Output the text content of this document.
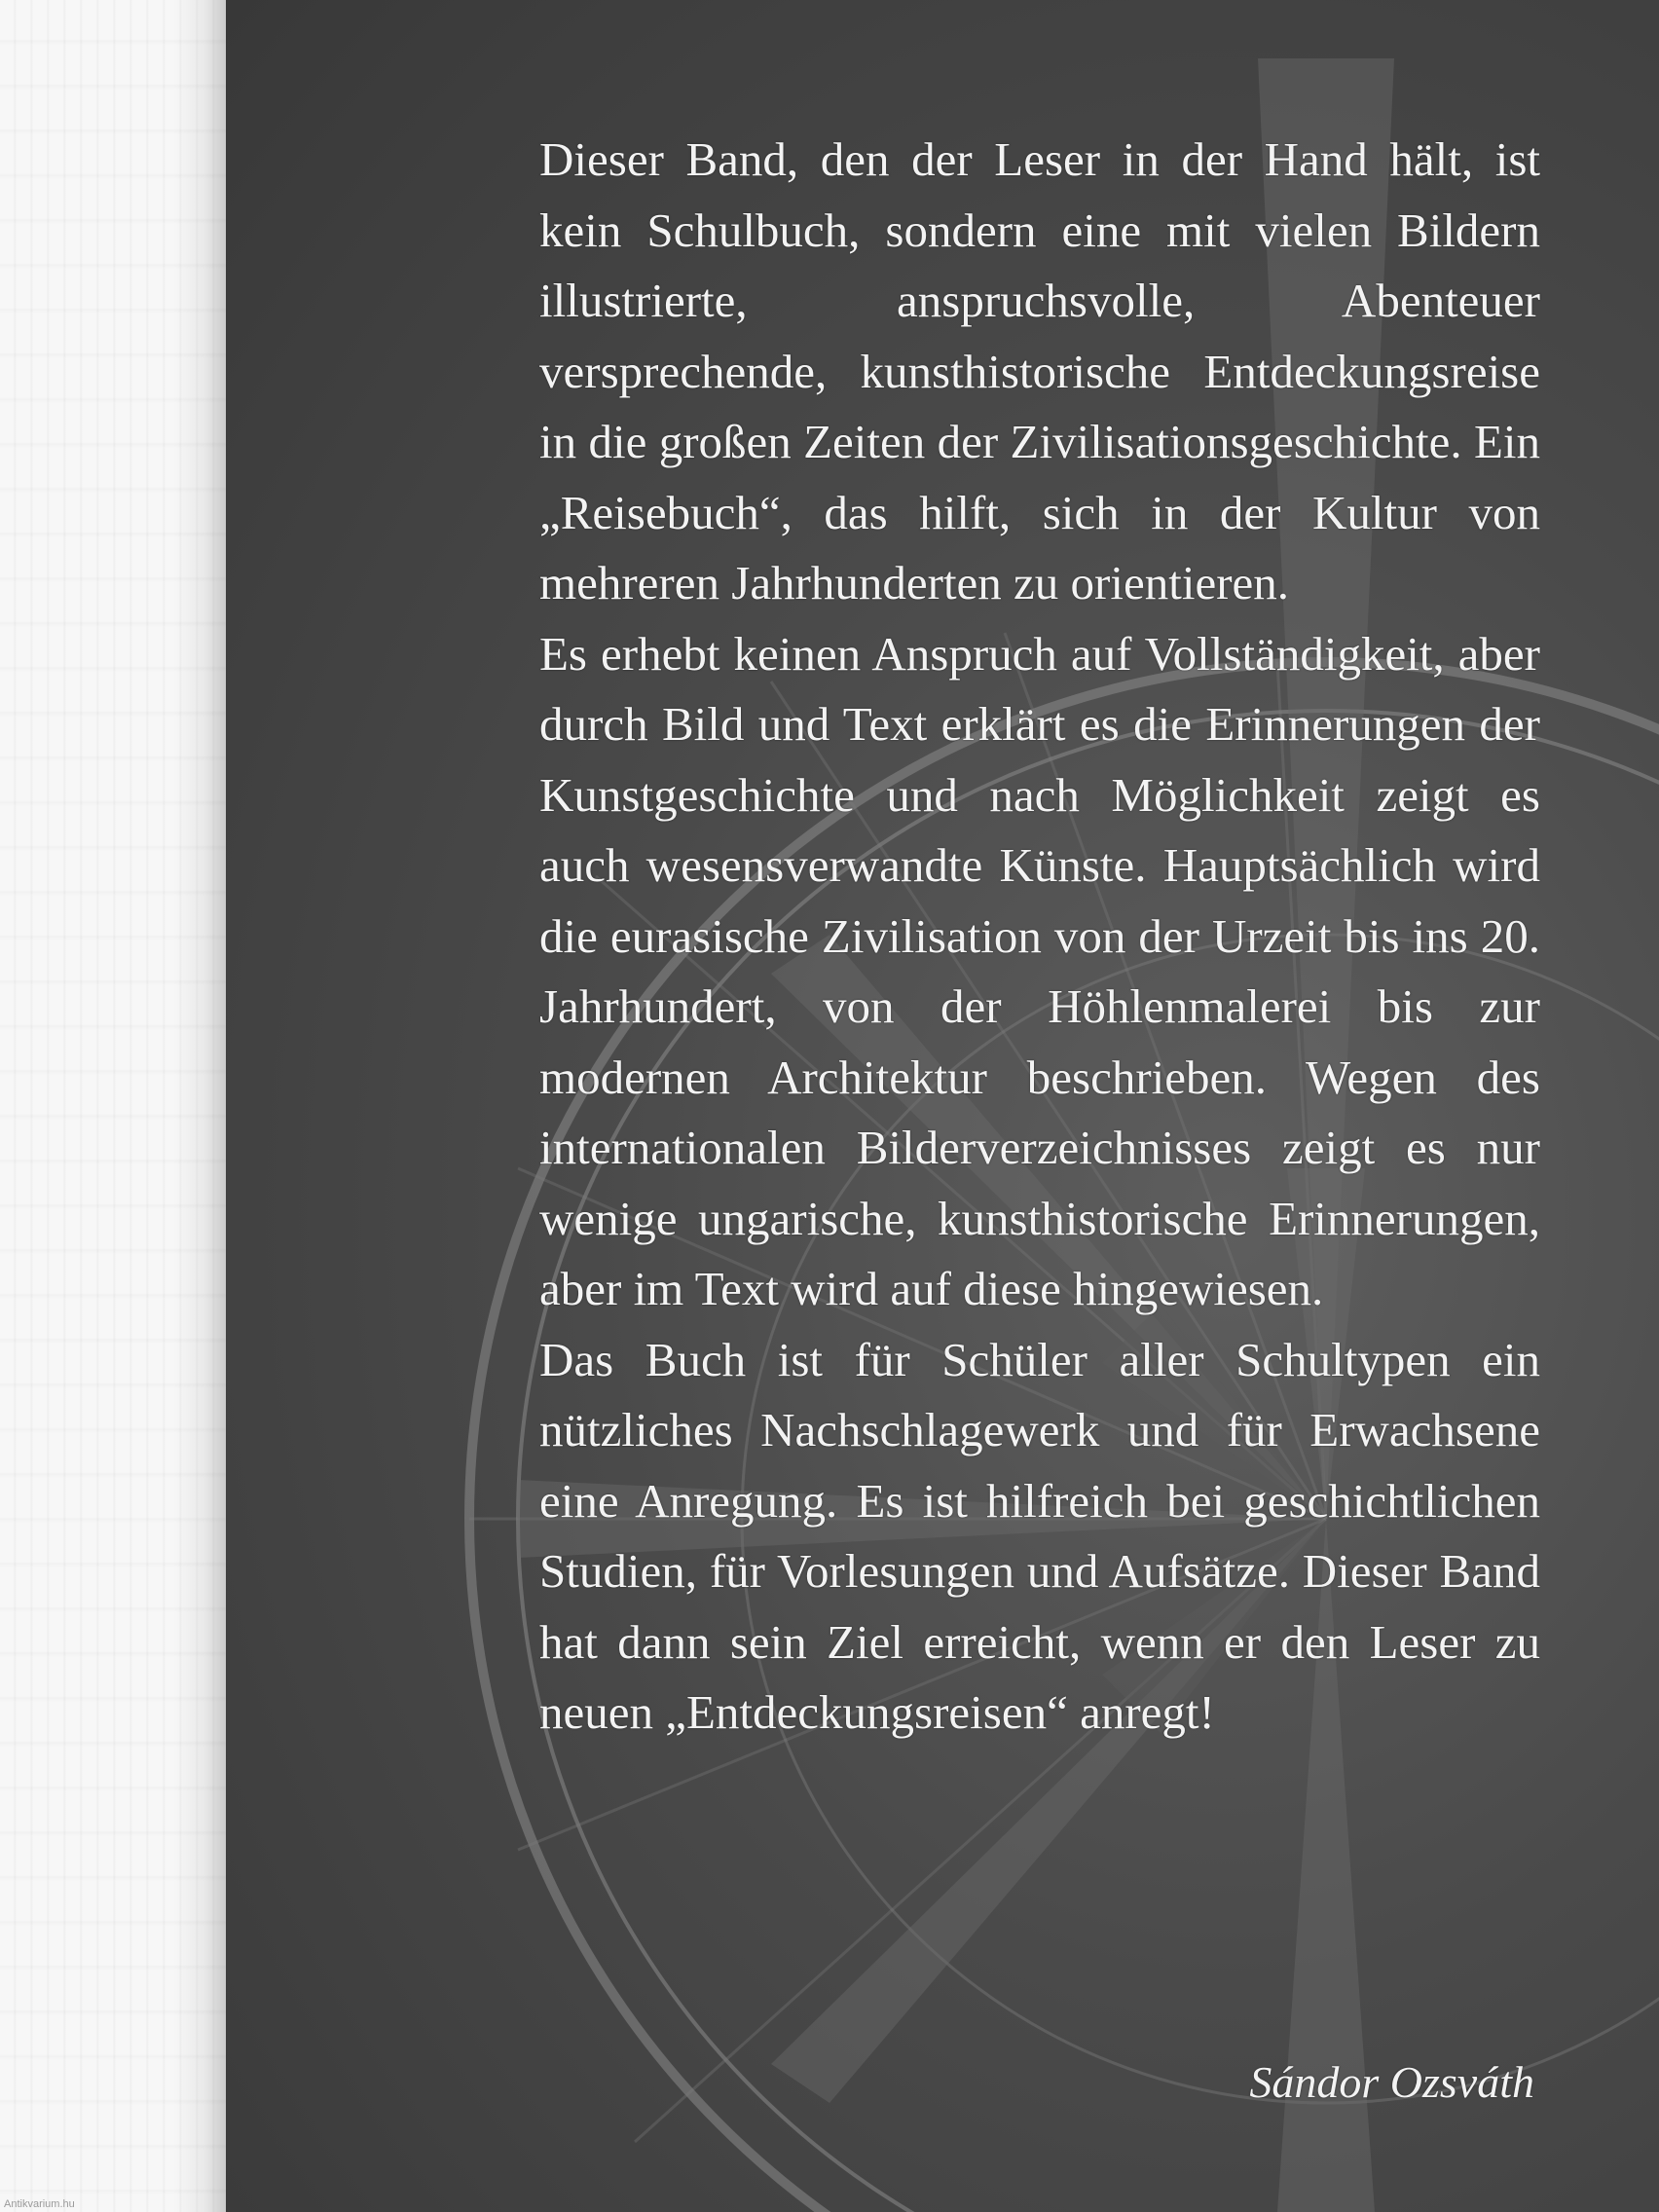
Dieser Band, den der Leser in der Hand hält, ist kein Schulbuch, sondern eine mit vielen Bildern illustrierte, anspruchsvolle, Abenteuer versprechende, kunsthistorische Entdeckungsreise in die großen Zeiten der Zivilisationsgeschichte. Ein „Reisebuch“, das hilft, sich in der Kultur von mehreren Jahrhunderten zu orientieren.

Es erhebt keinen Anspruch auf Vollständigkeit, aber durch Bild und Text erklärt es die Erinnerungen der Kunstgeschichte und nach Möglichkeit zeigt es auch wesensverwandte Künste. Hauptsächlich wird die eurasische Zivilisation von der Urzeit bis ins 20. Jahrhundert, von der Höhlenmalerei bis zur modernen Architektur beschrieben. Wegen des internationalen Bilderverzeichnisses zeigt es nur wenige ungarische, kunsthistorische Erinnerungen, aber im Text wird auf diese hingewiesen.

Das Buch ist für Schüler aller Schultypen ein nützliches Nachschlagewerk und für Erwachsene eine Anregung. Es ist hilfreich bei geschichtlichen Studien, für Vorlesungen und Aufsätze. Dieser Band hat dann sein Ziel erreicht, wenn er den Leser zu neuen „Entdeckungsreisen“ anregt!

Sándor Ozsváth
Antikvarium.hu
